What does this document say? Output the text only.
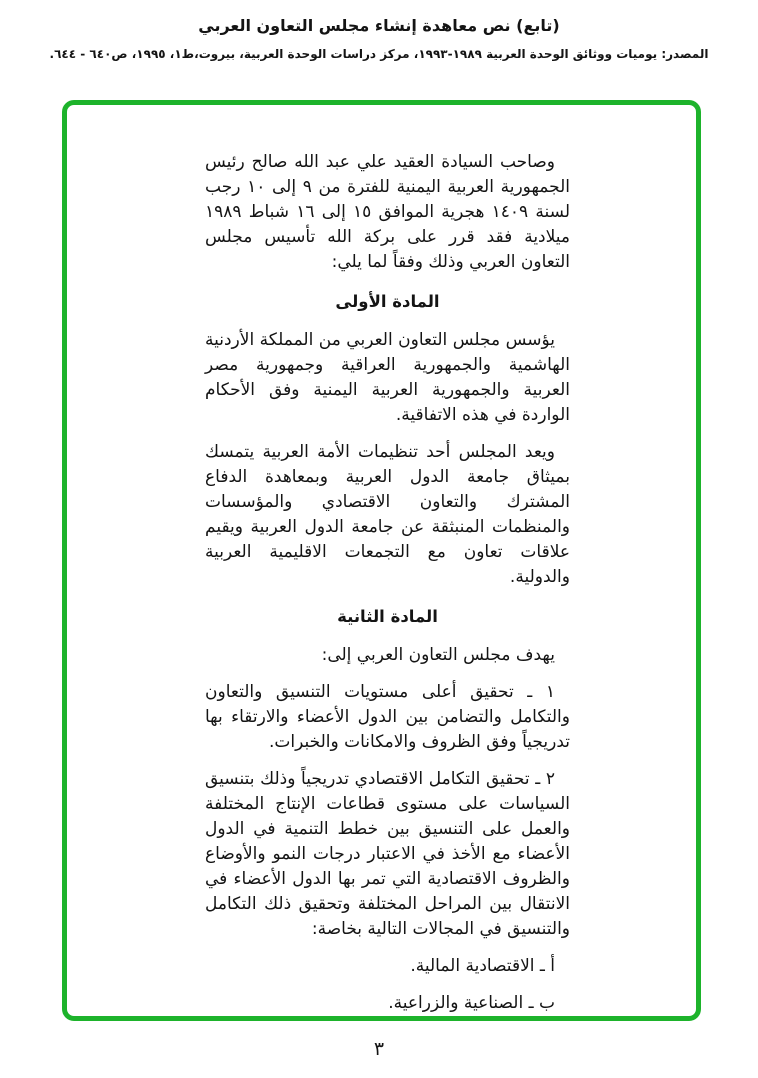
(تابع) نص معاهدة إنشاء مجلس التعاون العربي
المصدر: يوميات ووثائق الوحدة العربية ١٩٨٩-١٩٩٣، مركز دراسات الوحدة العربية، بيروت،ط١، ١٩٩٥، ص٦٤٠ - ٦٤٤.

وصاحب السيادة العقيد علي عبد الله صالح رئيس الجمهورية العربية اليمنية للفترة من ٩ إلى ١٠ رجب لسنة ١٤٠٩ هجرية الموافق ١٥ إلى ١٦ شباط ١٩٨٩ ميلادية فقد قرر على بركة الله تأسيس مجلس التعاون العربي وذلك وفقاً لما يلي:

المادة الأولى

يؤسس مجلس التعاون العربي من المملكة الأردنية الهاشمية والجمهورية العراقية وجمهورية مصر العربية والجمهورية العربية اليمنية وفق الأحكام الواردة في هذه الاتفاقية.

ويعد المجلس أحد تنظيمات الأمة العربية يتمسك بميثاق جامعة الدول العربية وبمعاهدة الدفاع المشترك والتعاون الاقتصادي والمؤسسات والمنظمات المنبثقة عن جامعة الدول العربية ويقيم علاقات تعاون مع التجمعات الاقليمية العربية والدولية.

المادة الثانية

يهدف مجلس التعاون العربي إلى:

١ ـ تحقيق أعلى مستويات التنسيق والتعاون والتكامل والتضامن بين الدول الأعضاء والارتقاء بها تدريجياً وفق الظروف والامكانات والخبرات.

٢ ـ تحقيق التكامل الاقتصادي تدريجياً وذلك بتنسيق السياسات على مستوى قطاعات الإنتاج المختلفة والعمل على التنسيق بين خطط التنمية في الدول الأعضاء مع الأخذ في الاعتبار درجات النمو والأوضاع والظروف الاقتصادية التي تمر بها الدول الأعضاء في الانتقال بين المراحل المختلفة وتحقيق ذلك التكامل والتنسيق في المجالات التالية بخاصة:

أ ـ الاقتصادية المالية.

ب ـ الصناعية والزراعية.

٣
